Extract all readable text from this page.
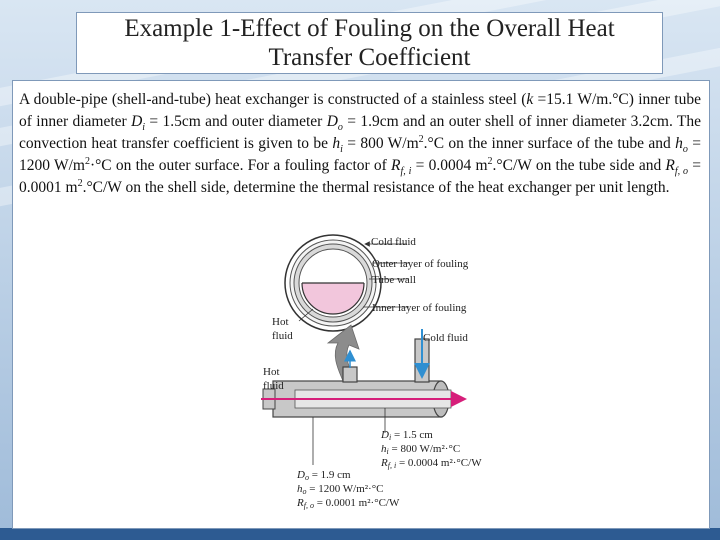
Example 1-Effect of Fouling on the Overall Heat
Transfer Coefficient
A double-pipe (shell-and-tube) heat exchanger is constructed of a stainless steel (k =15.1 W/m.°C) inner tube of inner diameter $D_i = 1.5cm$ and outer diameter $D_o = 1.9cm$ and an outer shell of inner diameter 3.2cm. The convection heat transfer coefficient is given to be $h_i = 800$ $W/m^2.^\circ C$ on the inner surface of the tube and $h_o = 1200$ $W/m^2\cdot^\circ C$ on the outer surface. For a fouling factor of $R_{f, i} = 0.0004$ $m^2.^\circ C/W$ on the tube side and $R_{f, o} = 0.0001$ $m^2.^\circ C/W$ on the shell side, determine the thermal resistance of the heat exchanger per unit length.
Cold fluid
Outer layer of fouling
Tube wall
Inner layer of fouling
Hot
fluid	Cold fluid
Hot
fluid
Di = 1.5 cm
hi = 800 W/m²·°C
Rf, i = 0.0004 m²·°C/W
Do = 1.9 cm
ho = 1200 W/m²·°C
Rf, o = 0.0001 m²·°C/W
